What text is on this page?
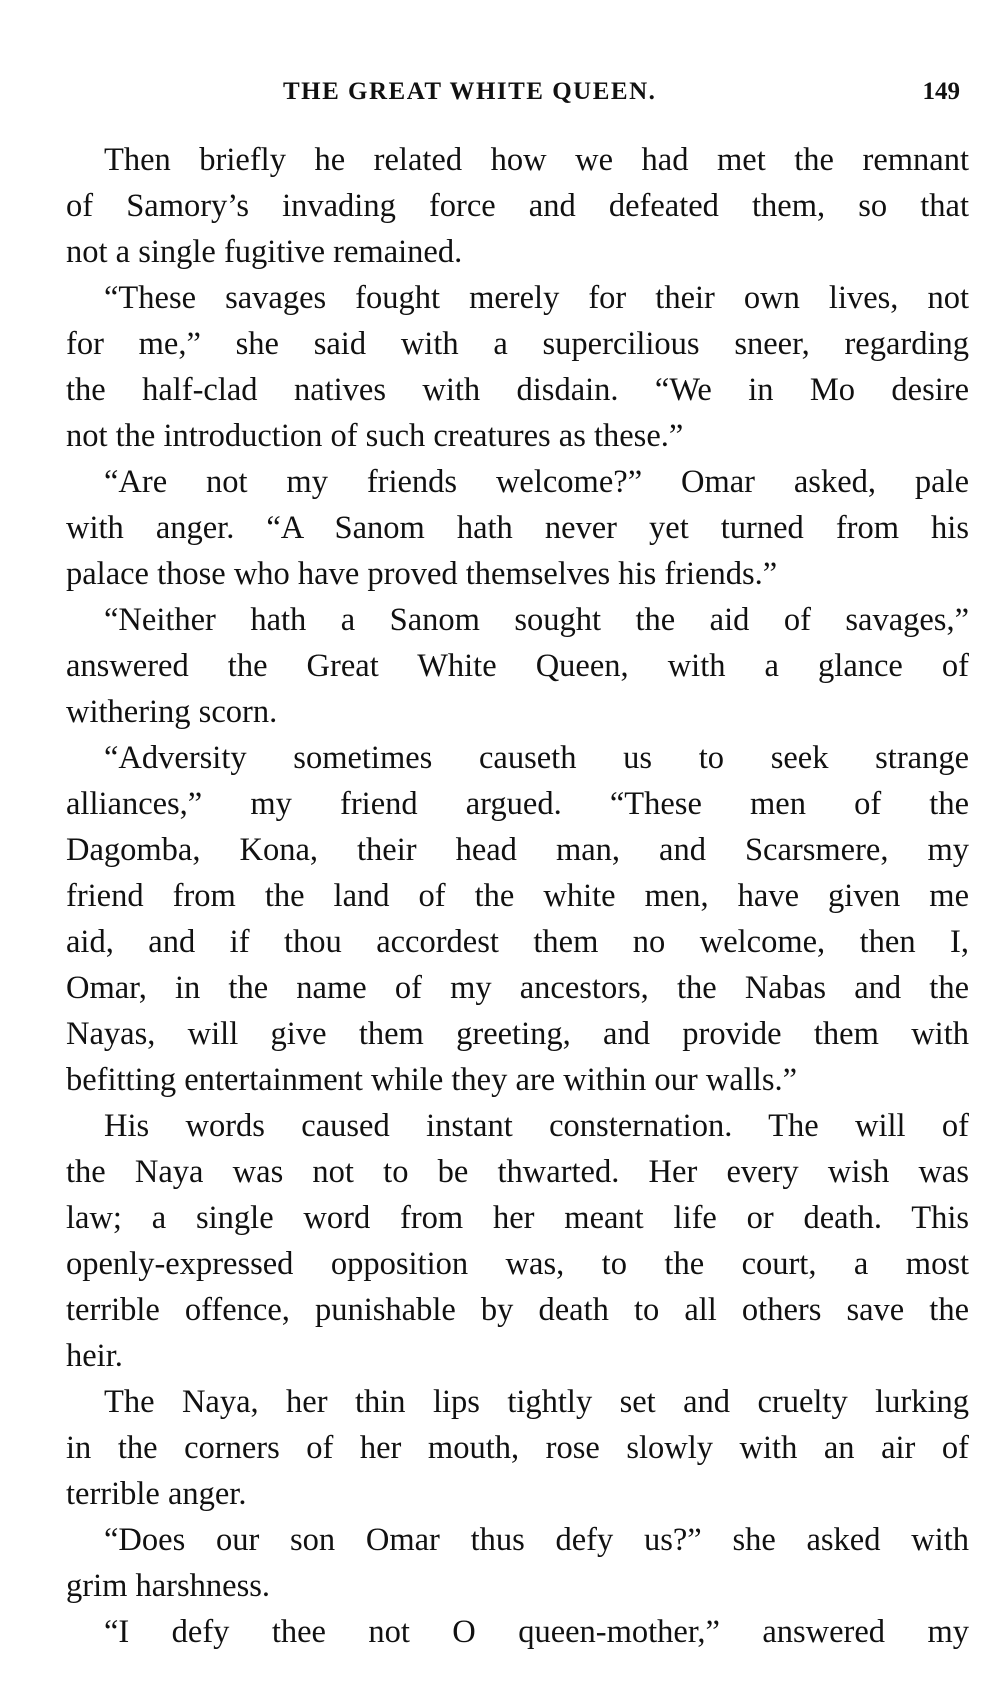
THE GREAT WHITE QUEEN.	149
Then briefly he related how we had met the remnant
of Samory’s invading force and defeated them, so that
not a single fugitive remained.
“These savages fought merely for their own lives, not
for me,” she said with a supercilious sneer, regarding
the half-clad natives with disdain. “We in Mo desire
not the introduction of such creatures as these.”
“Are not my friends welcome?” Omar asked, pale
with anger. “A Sanom hath never yet turned from his
palace those who have proved themselves his friends.”
“Neither hath a Sanom sought the aid of savages,”
answered the Great White Queen, with a glance of
withering scorn.
“Adversity sometimes causeth us to seek strange
alliances,” my friend argued. “These men of the
Dagomba, Kona, their head man, and Scarsmere, my
friend from the land of the white men, have given me
aid, and if thou accordest them no welcome, then I,
Omar, in the name of my ancestors, the Nabas and the
Nayas, will give them greeting, and provide them with
befitting entertainment while they are within our walls.”
His words caused instant consternation. The will of
the Naya was not to be thwarted. Her every wish was
law; a single word from her meant life or death. This
openly-expressed opposition was, to the court, a most
terrible offence, punishable by death to all others save the
heir.
The Naya, her thin lips tightly set and cruelty lurking
in the corners of her mouth, rose slowly with an air of
terrible anger.
“Does our son Omar thus defy us?” she asked with
grim harshness.
“I defy thee not O queen-mother,” answered my
